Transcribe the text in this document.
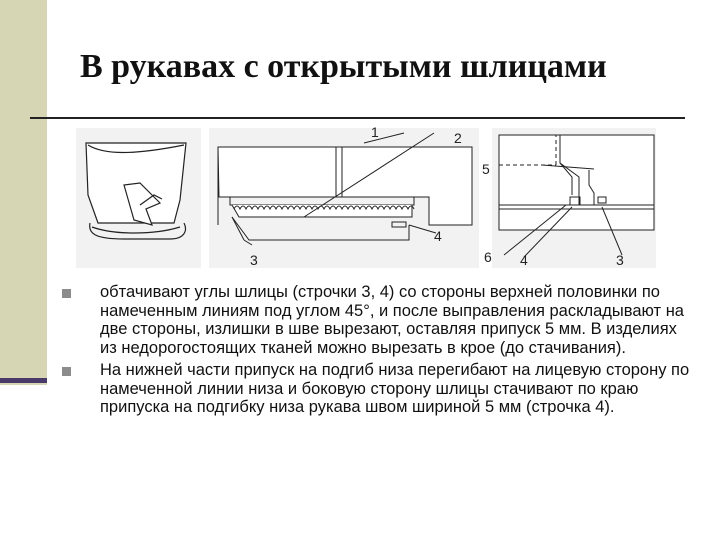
В рукавах с открытыми шлицами
1	2
3
4
5
6 4	3
обтачивают углы шлицы (строчки 3, 4) со стороны верхней половинки по намеченным линиям под углом 45°, и после выправления раскладывают на две стороны, излишки в шве вырезают, оставляя припуск 5 мм. В изделиях из недорогостоящих тканей можно вырезать в крое (до стачивания).
На нижней части припуск на подгиб низа перегибают на лицевую сторону по намеченной линии низа и боковую сторону шлицы стачивают по краю припуска на подгибку низа рукава швом шириной 5 мм (строчка 4).
